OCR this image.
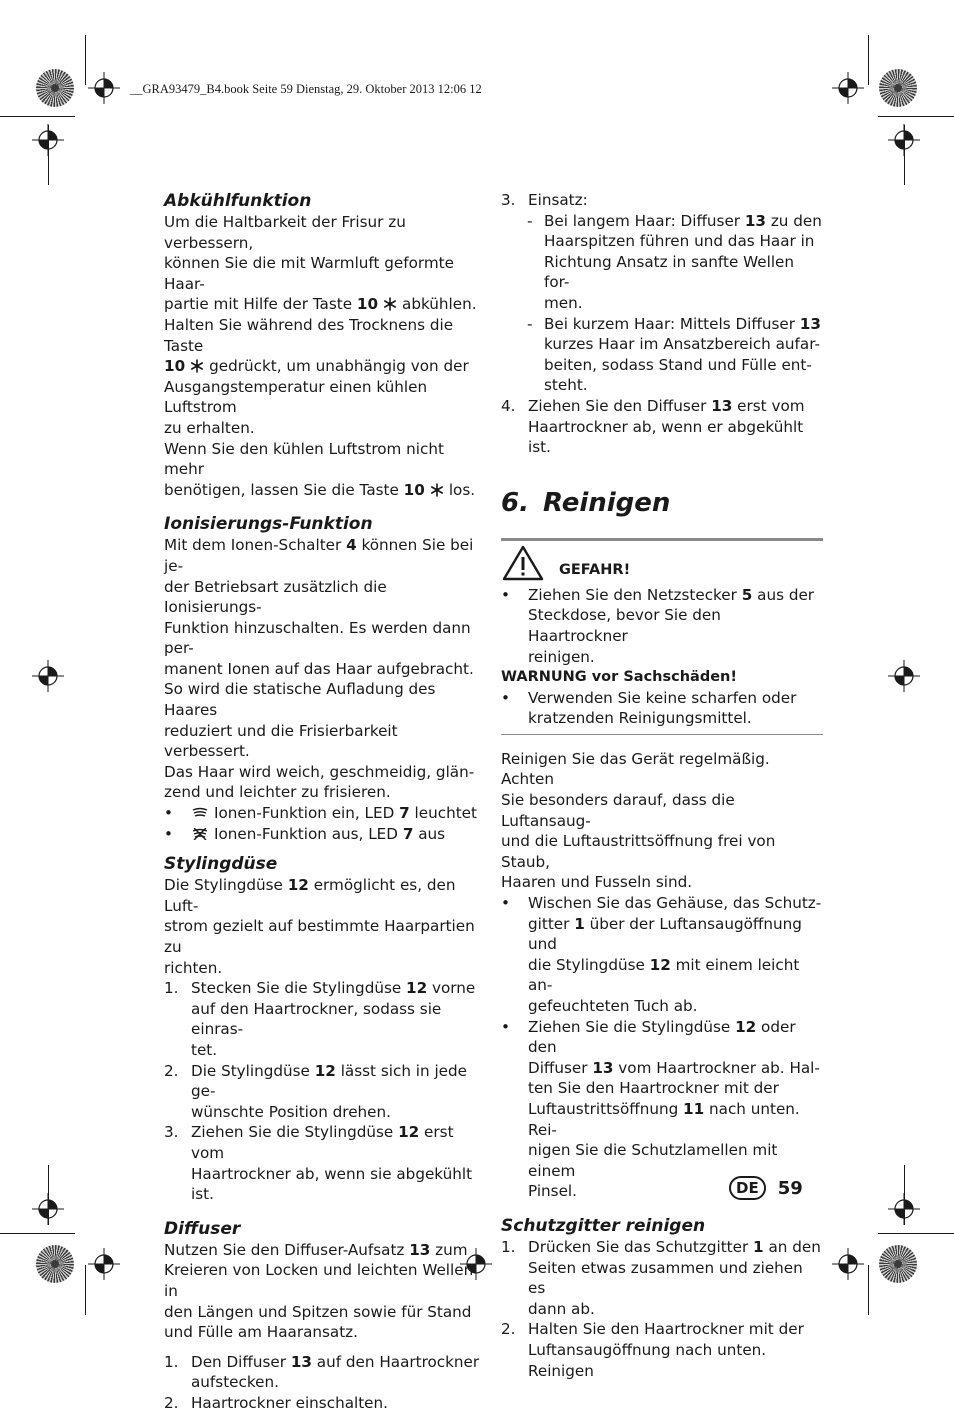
__GRA93479_B4.book Seite 59 Dienstag, 29. Oktober 2013 12:06 12

Abkühlfunktion

Um die Haltbarkeit der Frisur zu verbessern,

können Sie die mit Warmluft geformte Haar-

partie mit Hilfe der Taste 10 abkühlen.

Halten Sie während des Trocknens die Taste

10 gedrückt, um unabhängig von der

Ausgangstemperatur einen kühlen Luftstrom

zu erhalten.

Wenn Sie den kühlen Luftstrom nicht mehr

benötigen, lassen Sie die Taste 10 los.

Ionisierungs-Funktion

Mit dem Ionen-Schalter 4 können Sie bei je-

der Betriebsart zusätzlich die Ionisierungs-

Funktion hinzuschalten. Es werden dann per-

manent Ionen auf das Haar aufgebracht.

So wird die statische Aufladung des Haares

reduziert und die Frisierbarkeit verbessert.

Das Haar wird weich, geschmeidig, glän-

zend und leichter zu frisieren.

•	Ionen-Funktion ein, LED 7 leuchtet
•	Ionen-Funktion aus, LED 7 aus

Stylingdüse

Die Stylingdüse 12 ermöglicht es, den Luft-

strom gezielt auf bestimmte Haarpartien zu

richten.

1. Stecken Sie die Stylingdüse 12 vorne
auf den Haartrockner, sodass sie einras-
tet.
2. Die Stylingdüse 12 lässt sich in jede ge-
wünschte Position drehen.
3. Ziehen Sie die Stylingdüse 12 erst vom
Haartrockner ab, wenn sie abgekühlt
ist.

Diffuser

Nutzen Sie den Diffuser-Aufsatz 13 zum

Kreieren von Locken und leichten Wellen in

den Längen und Spitzen sowie für Stand

und Fülle am Haaransatz.

1. Den Diffuser 13 auf den Haartrockner
aufstecken.
2. Haartrockner einschalten.
3. Einsatz:
- Bei langem Haar: Diffuser 13 zu den
Haarspitzen führen und das Haar in
Richtung Ansatz in sanfte Wellen for-
men.
- Bei kurzem Haar: Mittels Diffuser 13
kurzes Haar im Ansatzbereich aufar-
beiten, sodass Stand und Fülle ent-
steht.
4. Ziehen Sie den Diffuser 13 erst vom
Haartrockner ab, wenn er abgekühlt ist.

6. Reinigen

GEFAHR!
• Ziehen Sie den Netzstecker 5 aus der
Steckdose, bevor Sie den Haartrockner
reinigen.

WARNUNG vor Sachschäden!

• Verwenden Sie keine scharfen oder
kratzenden Reinigungsmittel.

Reinigen Sie das Gerät regelmäßig. Achten

Sie besonders darauf, dass die Luftansaug-

und die Luftaustrittsöffnung frei von Staub,

Haaren und Fusseln sind.

• Wischen Sie das Gehäuse, das Schutz-
gitter 1 über der Luftansaugöffnung und
die Stylingdüse 12 mit einem leicht an-
gefeuchteten Tuch ab.
• Ziehen Sie die Stylingdüse 12 oder den
Diffuser 13 vom Haartrockner ab. Hal-
ten Sie den Haartrockner mit der
Luftaustrittsöffnung 11 nach unten. Rei-
nigen Sie die Schutzlamellen mit einem
Pinsel.

Schutzgitter reinigen

1. Drücken Sie das Schutzgitter 1 an den
Seiten etwas zusammen und ziehen es
dann ab.
2. Halten Sie den Haartrockner mit der
Luftansaugöffnung nach unten. Reinigen
DE	59
